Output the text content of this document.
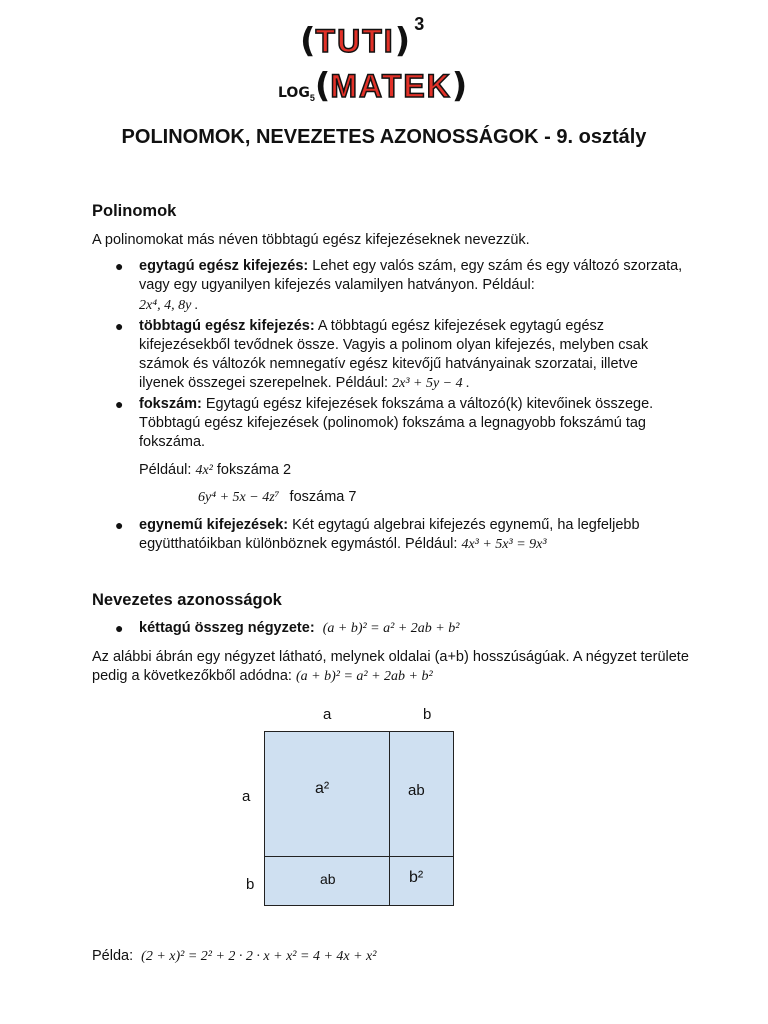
(TUTI) 3
$LOG_5(MATEK)$
POLINOMOK, NEVEZETES AZONOSSÁGOK - 9. osztály
Polinomok
A polinomokat más néven többtagú egész kifejezéseknek nevezzük.
● egytagú egész kifejezés: Lehet egy valós szám, egy szám és egy változó szorzata, vagy egy ugyanilyen kifejezés valamilyen hatványon. Például:
2x⁴, 4, 8y .
● többtagú egész kifejezés: A többtagú egész kifejezések egytagú egész kifejezésekből tevődnek össze. Vagyis a polinom olyan kifejezés, melyben csak számok és változók nemnegatív egész kitevőjű hatványainak szorzatai, illetve ilyenek összegei szerepelnek. Például: 2x³ + 5y − 4 .
● fokszám: Egytagú egész kifejezések fokszáma a változó(k) kitevőinek összege. Többtagú egész kifejezések (polinomok) fokszáma a legnagyobb fokszámú tag fokszáma.
Például: 4x² fokszáma 2
6y⁴ + 5x − 4z⁷ foszáma 7
● egynemű kifejezések: Két egytagú algebrai kifejezés egynemű, ha legfeljebb együtthatóikban különböznek egymástól. Például: 4x³ + 5x³ = 9x³
Nevezetes azonosságok
● kéttagú összeg négyzete: (a + b)² = a² + 2ab + b²
Az alábbi ábrán egy négyzet látható, melynek oldalai (a+b) hosszúságúak. A négyzet területe pedig a következőkből adódna: (a + b)² = a² + 2ab + b²
a	b
a
b
a²	ab
ab	b²
Példa: (2 + x)² = 2² + 2 · 2 · x + x² = 4 + 4x + x²
